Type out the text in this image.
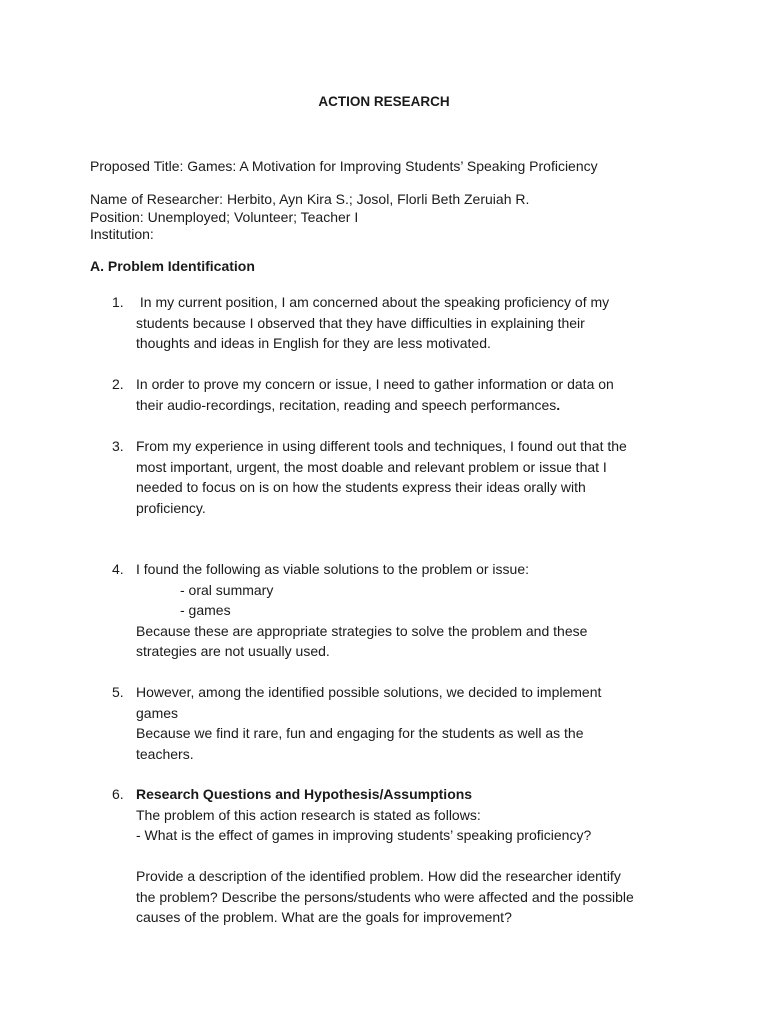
ACTION RESEARCH

Proposed Title: Games: A Motivation for Improving Students’ Speaking Proficiency

Name of Researcher: Herbito, Ayn Kira S.; Josol, Florli Beth Zeruiah R.

Position: Unemployed; Volunteer; Teacher I

Institution:

A. Problem Identification

1. In my current position, I am concerned about the speaking proficiency of my

students because I observed that they have difficulties in explaining their

thoughts and ideas in English for they are less motivated.

2. In order to prove my concern or issue, I need to gather information or data on

their audio-recordings, recitation, reading and speech performances.

3. From my experience in using different tools and techniques, I found out that the

most important, urgent, the most doable and relevant problem or issue that I

needed to focus on is on how the students express their ideas orally with

proficiency.

4. I found the following as viable solutions to the problem or issue:

- oral summary

- games

Because these are appropriate strategies to solve the problem and these

strategies are not usually used.

5. However, among the identified possible solutions, we decided to implement

games

Because we find it rare, fun and engaging for the students as well as the

teachers.

6. Research Questions and Hypothesis/Assumptions

The problem of this action research is stated as follows:

- What is the effect of games in improving students’ speaking proficiency?

Provide a description of the identified problem. How did the researcher identify

the problem? Describe the persons/students who were affected and the possible

causes of the problem. What are the goals for improvement?
